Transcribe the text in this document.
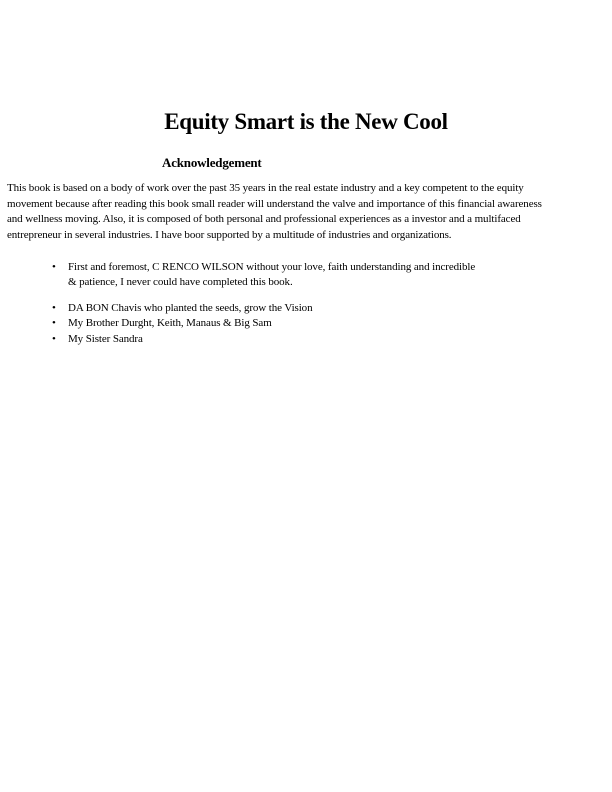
Equity Smart is the New Cool
Acknowledgement
This book is based on a body of work over the past 35 years in the real estate industry and a key competent to the equity
movement because after reading this book small reader will understand the valve and importance of this financial awareness
and wellness moving. Also, it is composed of both personal and professional experiences as a investor and a multifaced
entrepreneur in several industries. I have boor supported by a multitude of industries and organizations.
• First and foremost, C RENCO WILSON without your love, faith understanding and incredible
& patience, I never could have completed this book.
• DA BON Chavis who planted the seeds, grow the Vision
• My Brother Durght, Keith, Manaus & Big Sam
• My Sister Sandra
